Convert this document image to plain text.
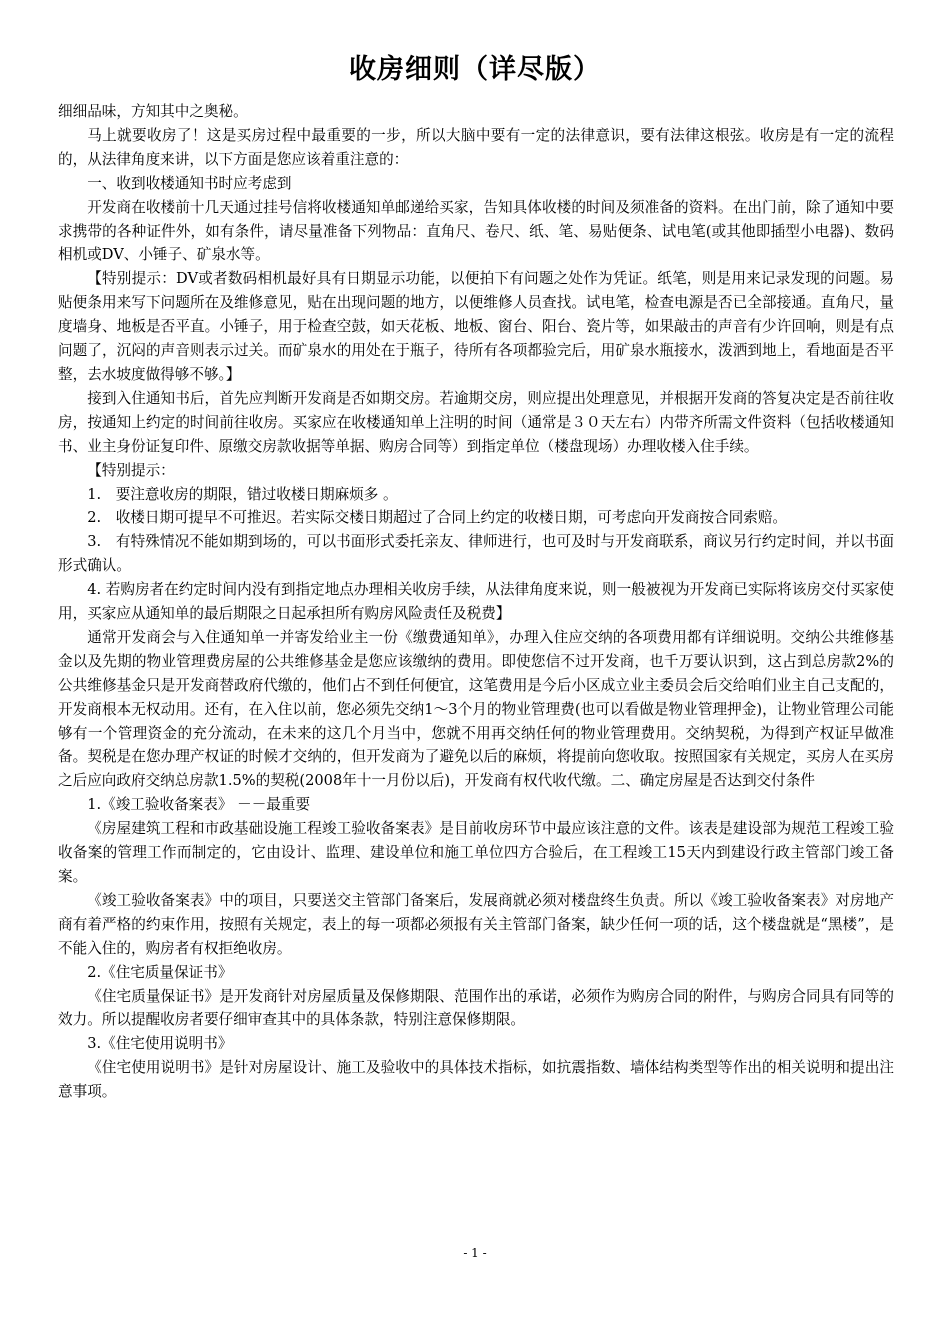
收房细则（详尽版）

细细品味，方知其中之奥秘。

马上就要收房了！这是买房过程中最重要的一步，所以大脑中要有一定的法律意识，要有法律这根弦。收房是有一定的流程的，从法律角度来讲，以下方面是您应该着重注意的：

一、收到收楼通知书时应考虑到

开发商在收楼前十几天通过挂号信将收楼通知单邮递给买家，告知具体收楼的时间及须准备的资料。在出门前，除了通知中要求携带的各种证件外，如有条件，请尽量准备下列物品：直角尺、卷尺、纸、笔、易贴便条、试电笔(或其他即插型小电器)、数码相机或DV、小锤子、矿泉水等。

【特别提示：DV或者数码相机最好具有日期显示功能，以便拍下有问题之处作为凭证。纸笔，则是用来记录发现的问题。易贴便条用来写下问题所在及维修意见，贴在出现问题的地方，以便维修人员查找。试电笔，检查电源是否已全部接通。直角尺，量度墙身、地板是否平直。小锤子，用于检查空鼓，如天花板、地板、窗台、阳台、瓷片等，如果敲击的声音有少许回响，则是有点问题了，沉闷的声音则表示过关。而矿泉水的用处在于瓶子，待所有各项都验完后，用矿泉水瓶接水，泼洒到地上，看地面是否平整，去水坡度做得够不够。】

接到入住通知书后，首先应判断开发商是否如期交房。若逾期交房，则应提出处理意见，并根据开发商的答复决定是否前往收房，按通知上约定的时间前往收房。买家应在收楼通知单上注明的时间（通常是３０天左右）内带齐所需文件资料（包括收楼通知书、业主身份证复印件、原缴交房款收据等单据、购房合同等）到指定单位（楼盘现场）办理收楼入住手续。

【特别提示：

1.　要注意收房的期限，错过收楼日期麻烦多 。

2.　收楼日期可提早不可推迟。若实际交楼日期超过了合同上约定的收楼日期，可考虑向开发商按合同索赔。

3.　有特殊情况不能如期到场的，可以书面形式委托亲友、律师进行，也可及时与开发商联系，商议另行约定时间，并以书面形式确认。

4. 若购房者在约定时间内没有到指定地点办理相关收房手续，从法律角度来说，则一般被视为开发商已实际将该房交付买家使用，买家应从通知单的最后期限之日起承担所有购房风险责任及税费】

通常开发商会与入住通知单一并寄发给业主一份《缴费通知单》，办理入住应交纳的各项费用都有详细说明。交纳公共维修基金以及先期的物业管理费房屋的公共维修基金是您应该缴纳的费用。即使您信不过开发商，也千万要认识到，这占到总房款2%的公共维修基金只是开发商替政府代缴的，他们占不到任何便宜，这笔费用是今后小区成立业主委员会后交给咱们业主自己支配的，开发商根本无权动用。还有，在入住以前，您必须先交纳1～3个月的物业管理费(也可以看做是物业管理押金)，让物业管理公司能够有一个管理资金的充分流动，在未来的这几个月当中，您就不用再交纳任何的物业管理费用。交纳契税，为得到产权证早做准备。契税是在您办理产权证的时候才交纳的，但开发商为了避免以后的麻烦，将提前向您收取。按照国家有关规定，买房人在买房之后应向政府交纳总房款1.5%的契税(2008年十一月份以后)，开发商有权代收代缴。二、确定房屋是否达到交付条件

1.《竣工验收备案表》 －－最重要

《房屋建筑工程和市政基础设施工程竣工验收备案表》是目前收房环节中最应该注意的文件。该表是建设部为规范工程竣工验收备案的管理工作而制定的，它由设计、监理、建设单位和施工单位四方合验后，在工程竣工15天内到建设行政主管部门竣工备案。

《竣工验收备案表》中的项目，只要送交主管部门备案后，发展商就必须对楼盘终生负责。所以《竣工验收备案表》对房地产商有着严格的约束作用，按照有关规定，表上的每一项都必须报有关主管部门备案，缺少任何一项的话，这个楼盘就是“黑楼”，是不能入住的，购房者有权拒绝收房。

2.《住宅质量保证书》

《住宅质量保证书》是开发商针对房屋质量及保修期限、范围作出的承诺，必须作为购房合同的附件，与购房合同具有同等的效力。所以提醒收房者要仔细审查其中的具体条款，特别注意保修期限。

3.《住宅使用说明书》

《住宅使用说明书》是针对房屋设计、施工及验收中的具体技术指标，如抗震指数、墙体结构类型等作出的相关说明和提出注意事项。

- 1 -
